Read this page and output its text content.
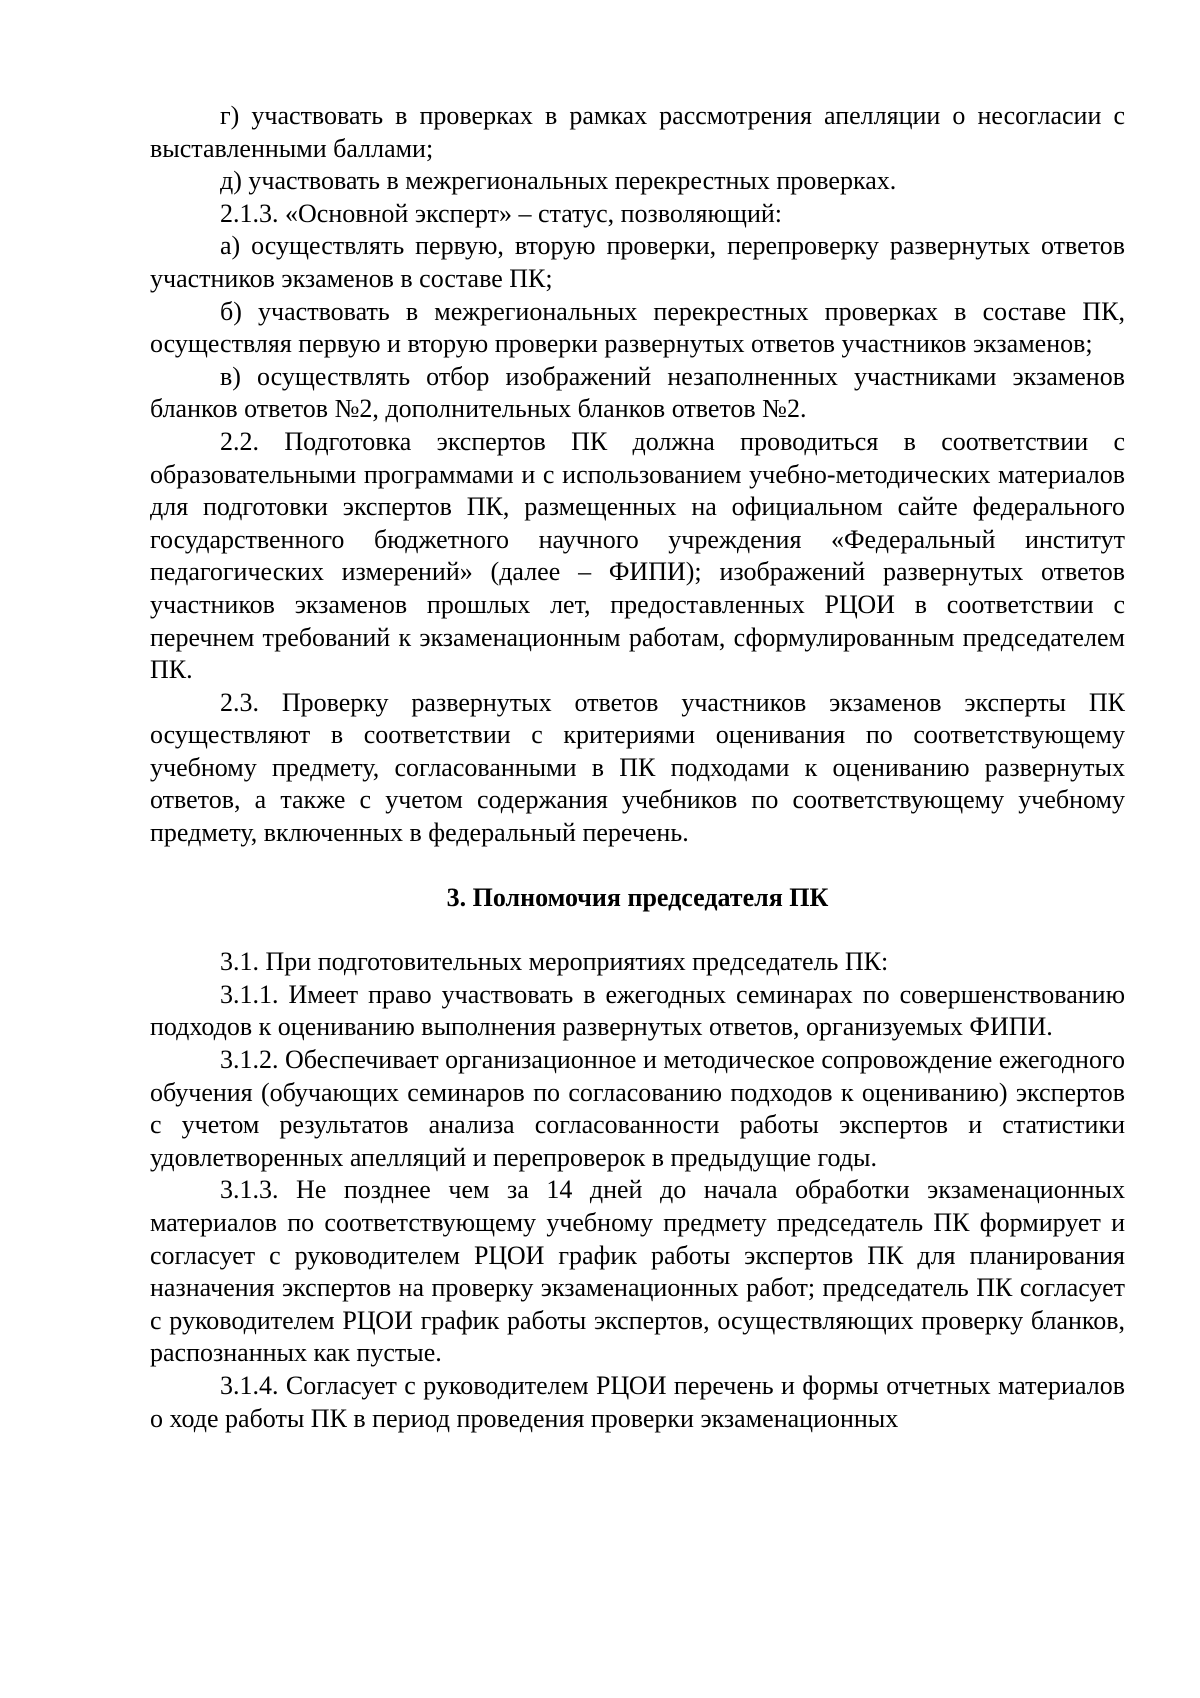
г) участвовать в проверках в рамках рассмотрения апелляции о несогласии с выставленными баллами;

д) участвовать в межрегиональных перекрестных проверках.

2.1.3. «Основной эксперт» – статус, позволяющий:

а) осуществлять первую, вторую проверки, перепроверку развернутых ответов участников экзаменов в составе ПК;

б) участвовать в межрегиональных перекрестных проверках в составе ПК, осуществляя первую и вторую проверки развернутых ответов участников экзаменов;

в) осуществлять отбор изображений незаполненных участниками экзаменов бланков ответов №2, дополнительных бланков ответов №2.

2.2. Подготовка экспертов ПК должна проводиться в соответствии с образовательными программами и с использованием учебно-методических материалов для подготовки экспертов ПК, размещенных на официальном сайте федерального государственного бюджетного научного учреждения «Федеральный институт педагогических измерений» (далее – ФИПИ); изображений развернутых ответов участников экзаменов прошлых лет, предоставленных РЦОИ в соответствии с перечнем требований к экзаменационным работам, сформулированным председателем ПК.

2.3. Проверку развернутых ответов участников экзаменов эксперты ПК осуществляют в соответствии с критериями оценивания по соответствующему учебному предмету, согласованными в ПК подходами к оцениванию развернутых ответов, а также с учетом содержания учебников по соответствующему учебному предмету, включенных в федеральный перечень.

3. Полномочия председателя ПК

3.1. При подготовительных мероприятиях председатель ПК:

3.1.1. Имеет право участвовать в ежегодных семинарах по совершенствованию подходов к оцениванию выполнения развернутых ответов, организуемых ФИПИ.

3.1.2. Обеспечивает организационное и методическое сопровождение ежегодного обучения (обучающих семинаров по согласованию подходов к оцениванию) экспертов с учетом результатов анализа согласованности работы экспертов и статистики удовлетворенных апелляций и перепроверок в предыдущие годы.

3.1.3. Не позднее чем за 14 дней до начала обработки экзаменационных материалов по соответствующему учебному предмету председатель ПК формирует и согласует с руководителем РЦОИ график работы экспертов ПК для планирования назначения экспертов на проверку экзаменационных работ; председатель ПК согласует с руководителем РЦОИ график работы экспертов, осуществляющих проверку бланков, распознанных как пустые.

3.1.4. Согласует с руководителем РЦОИ перечень и формы отчетных материалов о ходе работы ПК в период проведения проверки экзаменационных
